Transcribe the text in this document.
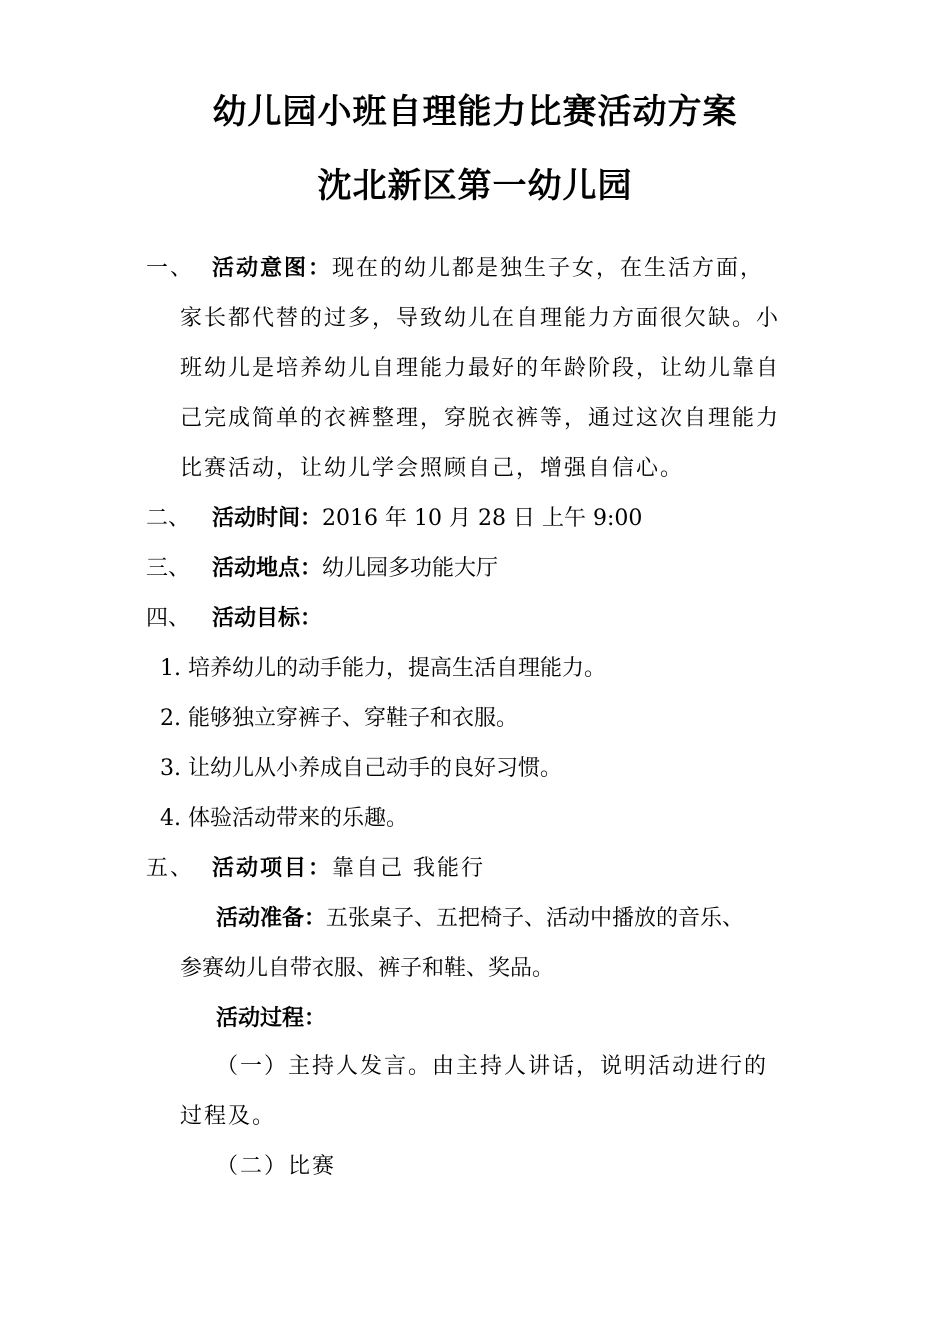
幼儿园小班自理能力比赛活动方案
沈北新区第一幼儿园
一、 活动意图：现在的幼儿都是独生子女，在生活方面，
家长都代替的过多，导致幼儿在自理能力方面很欠缺。小
班幼儿是培养幼儿自理能力最好的年龄阶段，让幼儿靠自
己完成简单的衣裤整理，穿脱衣裤等，通过这次自理能力
比赛活动，让幼儿学会照顾自己，增强自信心。
二、 活动时间：2016 年 10 月 28 日 上午 9:00
三、 活动地点：幼儿园多功能大厅
四、 活动目标：
1. 培养幼儿的动手能力，提高生活自理能力。
2. 能够独立穿裤子、穿鞋子和衣服。
3. 让幼儿从小养成自己动手的良好习惯。
4. 体验活动带来的乐趣。
五、 活动项目：靠自己 我能行
活动准备：五张桌子、五把椅子、活动中播放的音乐、
参赛幼儿自带衣服、裤子和鞋、奖品。
活动过程：
（一）主持人发言。由主持人讲话，说明活动进行的
过程及。
（二）比赛
